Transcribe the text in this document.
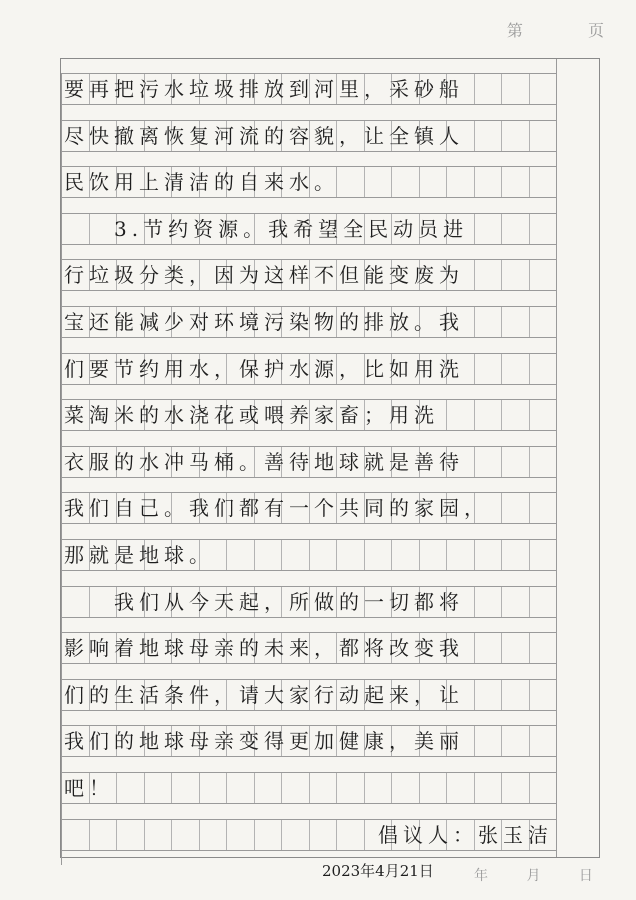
第	页
要再把污水垃圾排放到河里，采砂船
尽快撤离恢复河流的容貌，让全镇人
民饮用上清洁的自来水。
　　3.节约资源。我希望全民动员进
行垃圾分类，因为这样不但能变废为
宝还能减少对环境污染物的排放。我
们要节约用水，保护水源，比如用洗
菜淘米的水浇花或喂养家畜；用洗
衣服的水冲马桶。善待地球就是善待
我们自己。我们都有一个共同的家园，
那就是地球。
　　我们从今天起，所做的一切都将
影响着地球母亲的未来，都将改变我
们的生活条件，请大家行动起来，让
我们的地球母亲变得更加健康，美丽
吧！
倡议人：张玉洁
2023年4月21日	年	月	日
